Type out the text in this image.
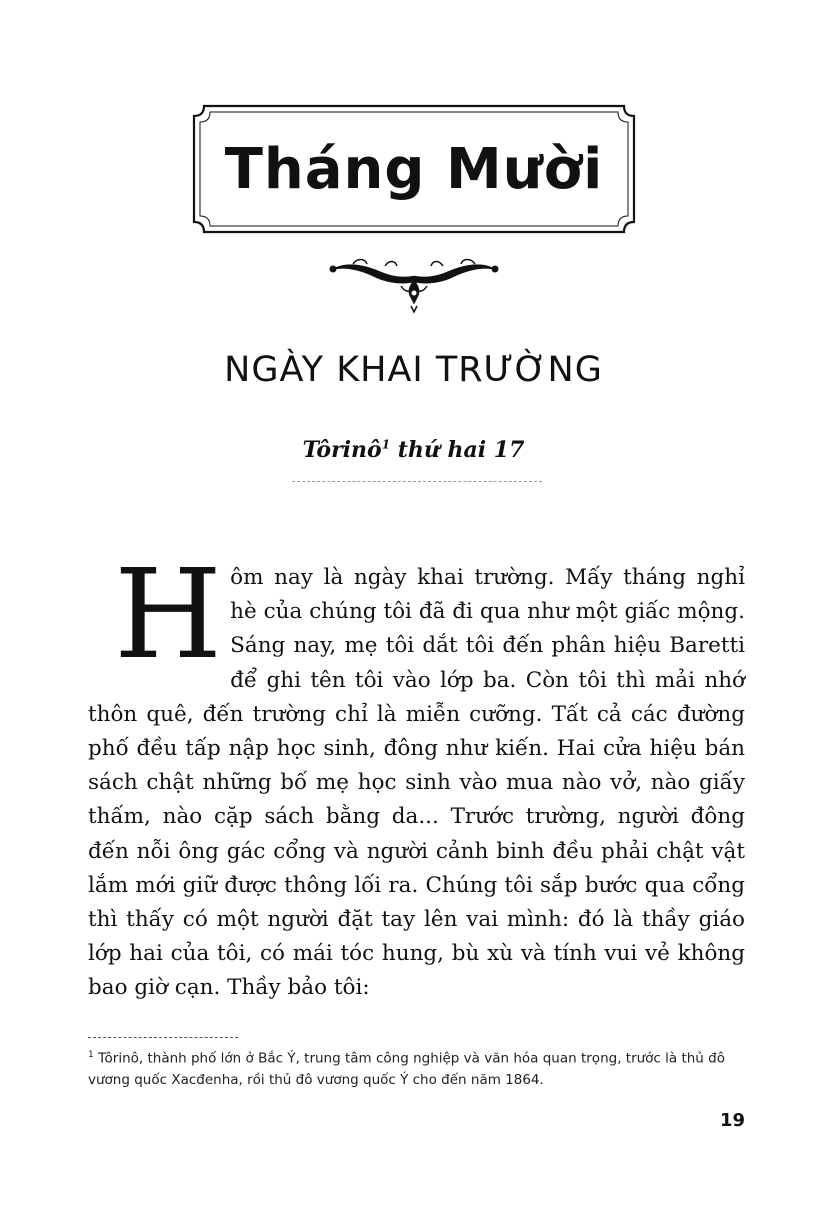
Tháng Mười
NGÀY KHAI TRƯỜNG
Tôrinô$^1$ thứ hai 17
Hôm nay là ngày khai trường. Mấy tháng nghỉ hè của chúng tôi đã đi qua như một giấc mộng. Sáng nay, mẹ tôi dắt tôi đến phân hiệu Baretti để ghi tên tôi vào lớp ba. Còn tôi thì mải nhớ thôn quê, đến trường chỉ là miễn cưỡng. Tất cả các đường phố đều tấp nập học sinh, đông như kiến. Hai cửa hiệu bán sách chật những bố mẹ học sinh vào mua nào vở, nào giấy thấm, nào cặp sách bằng da... Trước trường, người đông đến nỗi ông gác cổng và người cảnh binh đều phải chật vật lắm mới giữ được thông lối ra. Chúng tôi sắp bước qua cổng thì thấy có một người đặt tay lên vai mình: đó là thầy giáo lớp hai của tôi, có mái tóc hung, bù xù và tính vui vẻ không bao giờ cạn. Thầy bảo tôi:
$^1$ Tôrinô, thành phố lớn ở Bắc Ý, trung tâm công nghiệp và văn hóa quan trọng, trước là thủ đô vương quốc Xacđenha, rồi thủ đô vương quốc Ý cho đến năm 1864.
19
